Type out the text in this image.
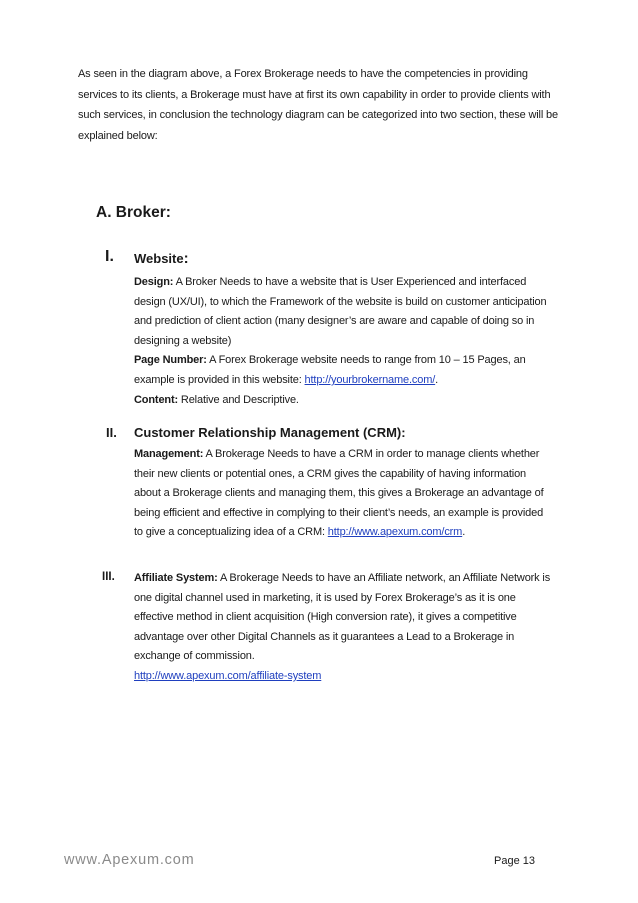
As seen in the diagram above, a Forex Brokerage needs to have the competencies in providing services to its clients, a Brokerage must have at first its own capability in order to provide clients with such services, in conclusion the technology diagram can be categorized into two section, these will be explained below:

A. Broker:
I. Website:
Design: A Broker Needs to have a website that is User Experienced and interfaced design (UX/UI), to which the Framework of the website is build on customer anticipation and prediction of client action (many designer’s are aware and capable of doing so in designing a website)
Page Number: A Forex Brokerage website needs to range from 10 – 15 Pages, an example is provided in this website: http://yourbrokername.com/.
Content: Relative and Descriptive.
II. Customer Relationship Management (CRM):
Management: A Brokerage Needs to have a CRM in order to manage clients whether their new clients or potential ones, a CRM gives the capability of having information about a Brokerage clients and managing them, this gives a Brokerage an advantage of being efficient and effective in complying to their client’s needs, an example is provided to give a conceptualizing idea of a CRM: http://www.apexum.com/crm.
III. Affiliate System: A Brokerage Needs to have an Affiliate network, an Affiliate Network is one digital channel used in marketing, it is used by Forex Brokerage’s as it is one effective method in client acquisition (High conversion rate), it gives a competitive advantage over other Digital Channels as it guarantees a Lead to a Brokerage in exchange of commission.
http://www.apexum.com/affiliate-system
www.Apexum.com	Page 13
